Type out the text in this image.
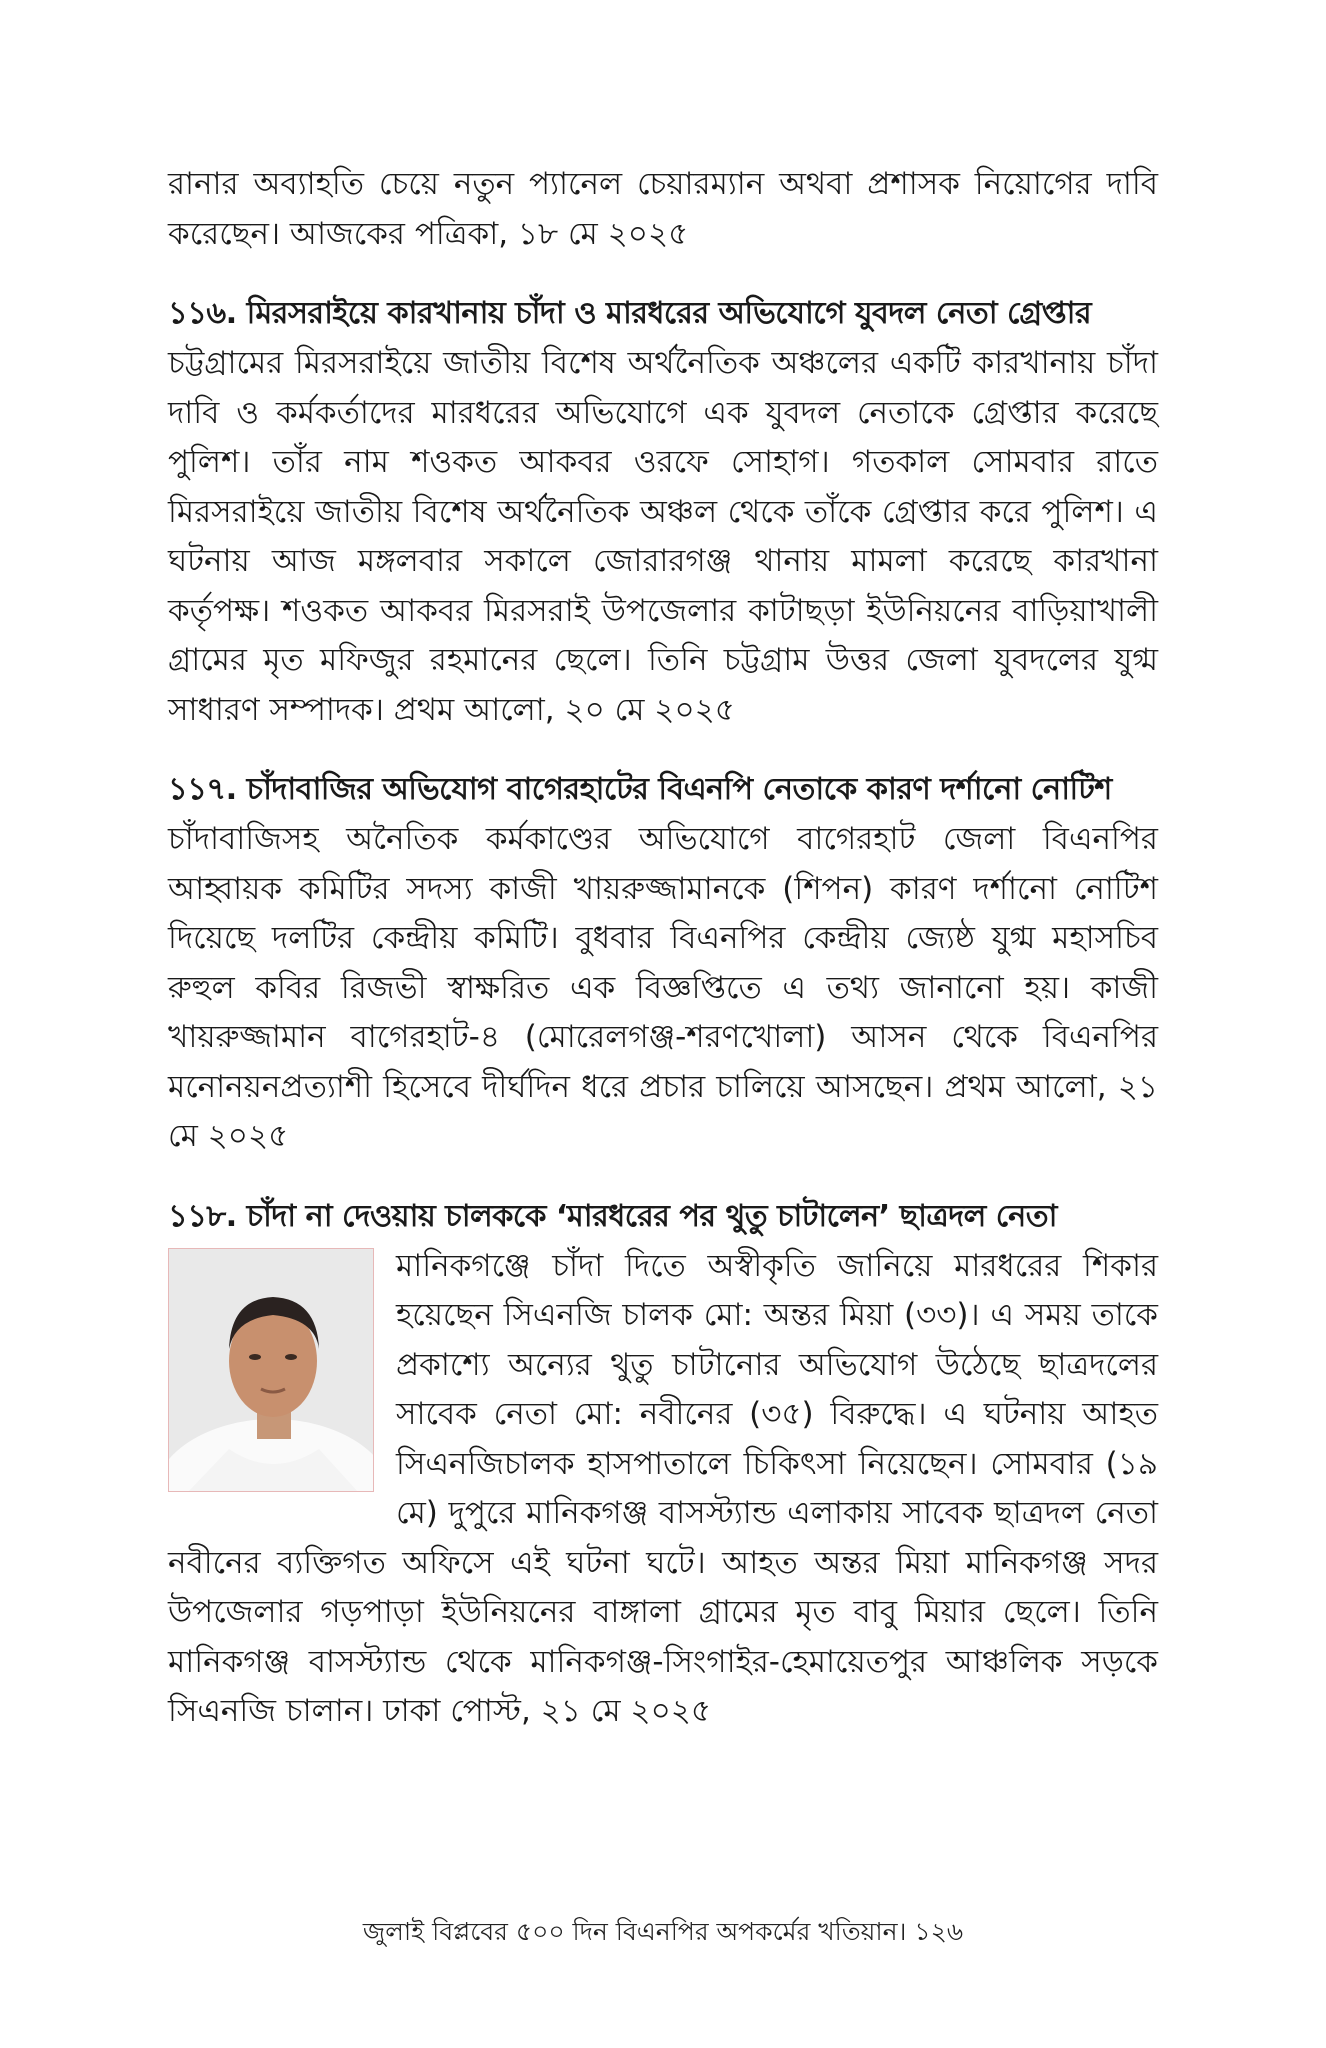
রানার অব্যাহতি চেয়ে নতুন প্যানেল চেয়ারম্যান অথবা প্রশাসক নিয়োগের দাবি করেছেন। আজকের পত্রিকা, ১৮ মে ২০২৫

১১৬. মিরসরাইয়ে কারখানায় চাঁদা ও মারধরের অভিযোগে যুবদল নেতা গ্রেপ্তার

চট্টগ্রামের মিরসরাইয়ে জাতীয় বিশেষ অর্থনৈতিক অঞ্চলের একটি কারখানায় চাঁদা দাবি ও কর্মকর্তাদের মারধরের অভিযোগে এক যুবদল নেতাকে গ্রেপ্তার করেছে পুলিশ। তাঁর নাম শওকত আকবর ওরফে সোহাগ। গতকাল সোমবার রাতে মিরসরাইয়ে জাতীয় বিশেষ অর্থনৈতিক অঞ্চল থেকে তাঁকে গ্রেপ্তার করে পুলিশ। এ ঘটনায় আজ মঙ্গলবার সকালে জোরারগঞ্জ থানায় মামলা করেছে কারখানা কর্তৃপক্ষ। শওকত আকবর মিরসরাই উপজেলার কাটাছড়া ইউনিয়নের বাড়িয়াখালী গ্রামের মৃত মফিজুর রহমানের ছেলে। তিনি চট্টগ্রাম উত্তর জেলা যুবদলের যুগ্ম সাধারণ সম্পাদক। প্রথম আলো, ২০ মে ২০২৫

১১৭. চাঁদাবাজির অভিযোগ বাগেরহাটের বিএনপি নেতাকে কারণ দর্শানো নোটিশ

চাঁদাবাজিসহ অনৈতিক কর্মকাণ্ডের অভিযোগে বাগেরহাট জেলা বিএনপির আহ্বায়ক কমিটির সদস্য কাজী খায়রুজ্জামানকে (শিপন) কারণ দর্শানো নোটিশ দিয়েছে দলটির কেন্দ্রীয় কমিটি। বুধবার বিএনপির কেন্দ্রীয় জ্যেষ্ঠ যুগ্ম মহাসচিব রুহুল কবির রিজভী স্বাক্ষরিত এক বিজ্ঞপ্তিতে এ তথ্য জানানো হয়। কাজী খায়রুজ্জামান বাগেরহাট-৪ (মোরেলগঞ্জ-শরণখোলা) আসন থেকে বিএনপির মনোনয়নপ্রত্যাশী হিসেবে দীর্ঘদিন ধরে প্রচার চালিয়ে আসছেন। প্রথম আলো, ২১ মে ২০২৫

১১৮. চাঁদা না দেওয়ায় চালককে ‘মারধরের পর থুতু চাটালেন’ ছাত্রদল নেতা

মানিকগঞ্জে চাঁদা দিতে অস্বীকৃতি জানিয়ে মারধরের শিকার হয়েছেন সিএনজি চালক মো: অন্তর মিয়া (৩৩)। এ সময় তাকে প্রকাশ্যে অন্যের থুতু চাটানোর অভিযোগ উঠেছে ছাত্রদলের সাবেক নেতা মো: নবীনের (৩৫) বিরুদ্ধে। এ ঘটনায় আহত সিএনজিচালক হাসপাতালে চিকিৎসা নিয়েছেন। সোমবার (১৯ মে) দুপুরে মানিকগঞ্জ বাসস্ট্যান্ড এলাকায় সাবেক ছাত্রদল নেতা নবীনের ব্যক্তিগত অফিসে এই ঘটনা ঘটে। আহত অন্তর মিয়া মানিকগঞ্জ সদর উপজেলার গড়পাড়া ইউনিয়নের বাঙ্গালা গ্রামের মৃত বাবু মিয়ার ছেলে। তিনি মানিকগঞ্জ বাসস্ট্যান্ড থেকে মানিকগঞ্জ-সিংগাইর-হেমায়েতপুর আঞ্চলিক সড়কে সিএনজি চালান। ঢাকা পোস্ট, ২১ মে ২০২৫

জুলাই বিপ্লবের ৫০০ দিন বিএনপির অপকর্মের খতিয়ান। ১২৬
